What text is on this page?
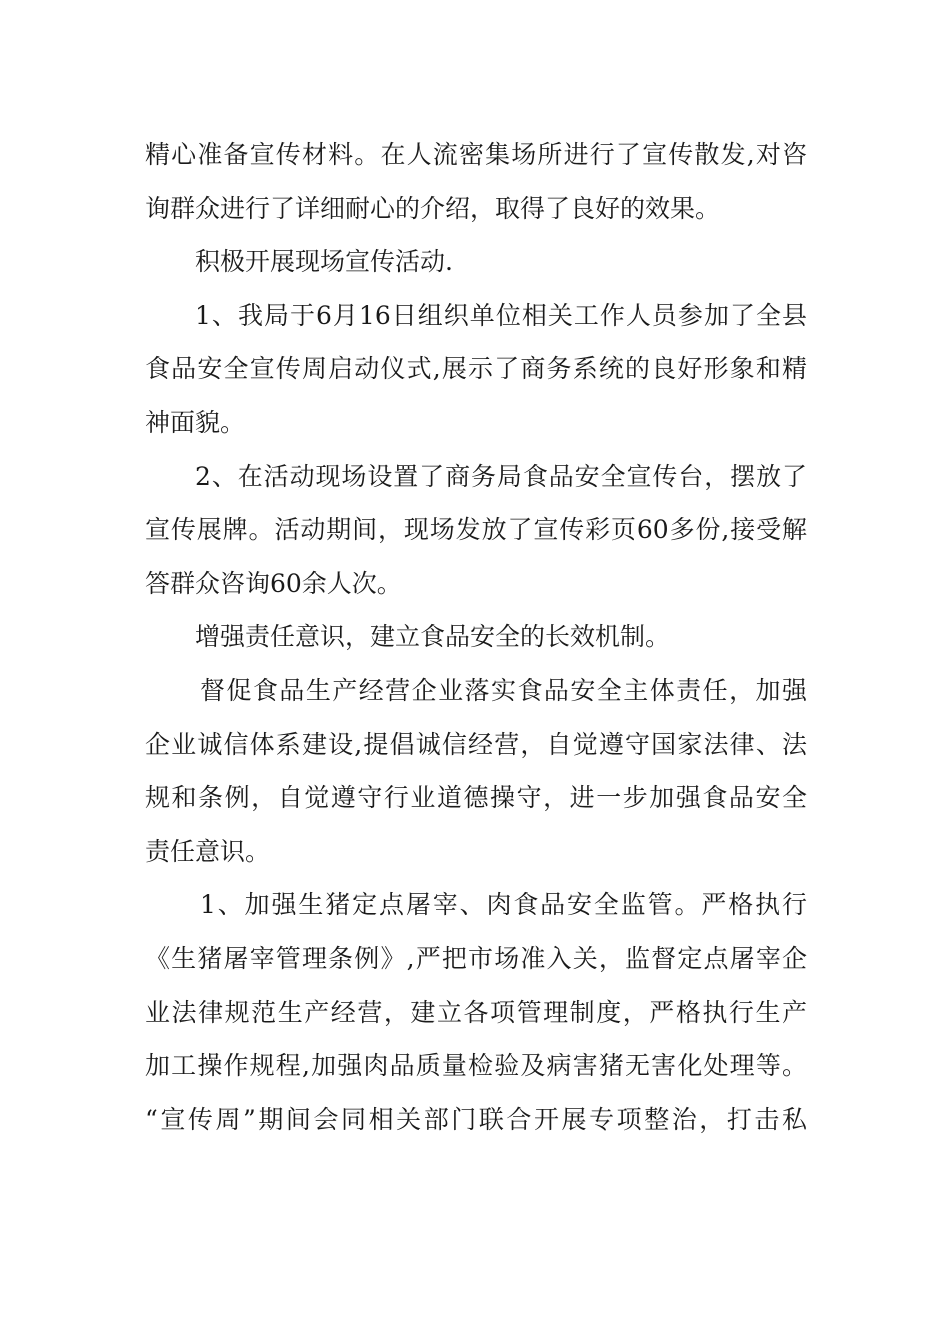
精心准备宣传材料。在人流密集场所进行了宣传散发,对咨
询群众进行了详细耐心的介绍，取得了良好的效果。
积极开展现场宣传活动.
1、我局于6月16日组织单位相关工作人员参加了全县
食品安全宣传周启动仪式,展示了商务系统的良好形象和精
神面貌。
2、在活动现场设置了商务局食品安全宣传台，摆放了
宣传展牌。活动期间，现场发放了宣传彩页60多份,接受解
答群众咨询60余人次。
增强责任意识，建立食品安全的长效机制。
督促食品生产经营企业落实食品安全主体责任，加强
企业诚信体系建设,提倡诚信经营，自觉遵守国家法律、法
规和条例，自觉遵守行业道德操守，进一步加强食品安全
责任意识。
1、加强生猪定点屠宰、肉食品安全监管。严格执行
《生猪屠宰管理条例》,严把市场准入关，监督定点屠宰企
业法律规范生产经营，建立各项管理制度，严格执行生产
加工操作规程,加强肉品质量检验及病害猪无害化处理等。
“宣传周”期间会同相关部门联合开展专项整治，打击私
